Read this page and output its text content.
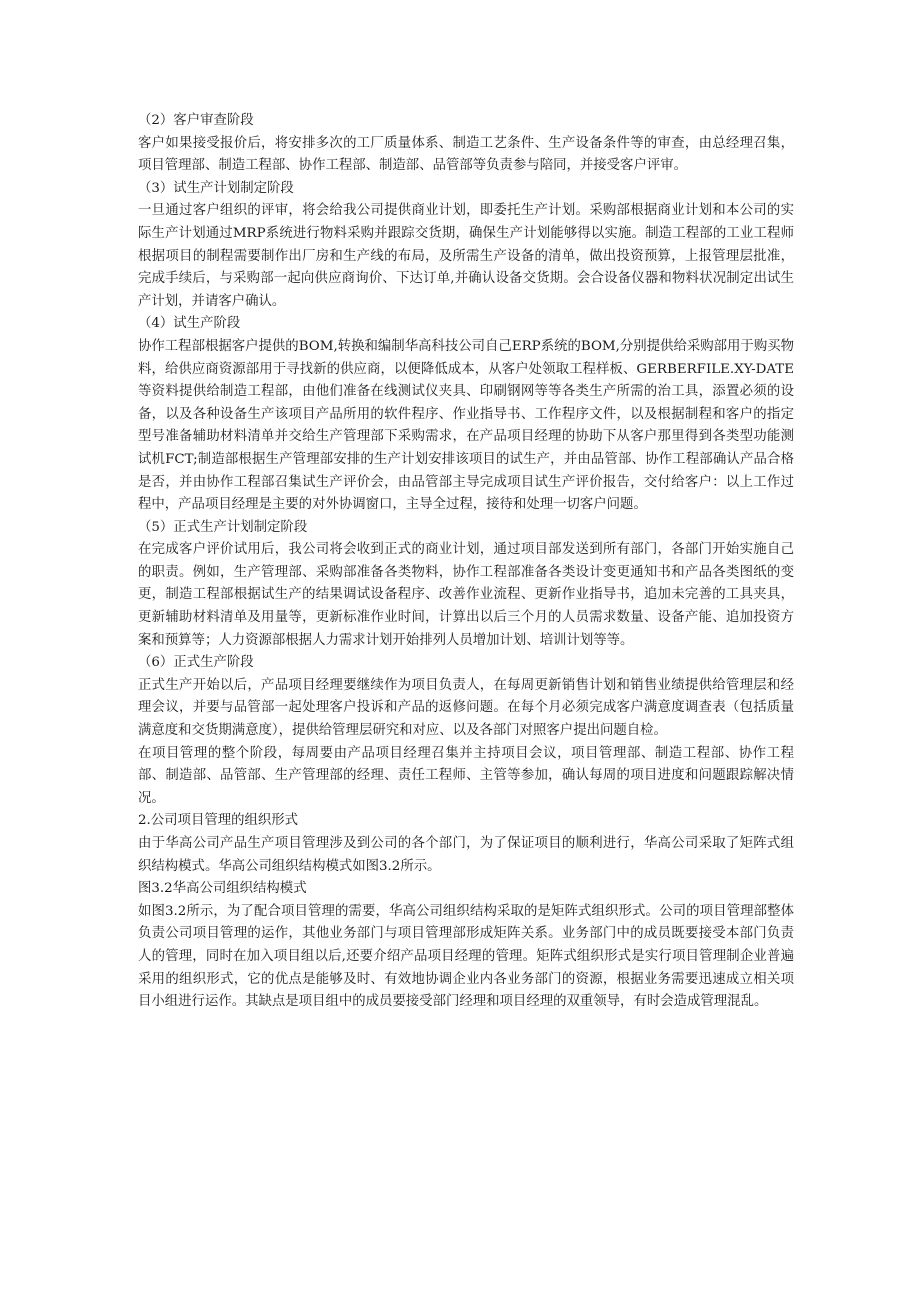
（2）客户审查阶段

客户如果接受报价后，将安排多次的工厂质量体系、制造工艺条件、生产设备条件等的审查，由总经理召集，项目管理部、制造工程部、协作工程部、制造部、品管部等负责参与陪同，并接受客户评审。

（3）试生产计划制定阶段

一旦通过客户组织的评审，将会给我公司提供商业计划，即委托生产计划。采购部根据商业计划和本公司的实际生产计划通过MRP系统进行物料采购并跟踪交货期，确保生产计划能够得以实施。制造工程部的工业工程师根据项目的制程需要制作出厂房和生产线的布局，及所需生产设备的清单，做出投资预算，上报管理层批准，完成手续后，与采购部一起向供应商询价、下达订单,并确认设备交货期。会合设备仪器和物料状况制定出试生产计划，并请客户确认。

（4）试生产阶段

协作工程部根据客户提供的BOM,转换和编制华高科技公司自己ERP系统的BOM,分别提供给采购部用于购买物料，给供应商资源部用于寻找新的供应商，以便降低成本，从客户处领取工程样板、GERBERFILE.XY-DATE等资料提供给制造工程部，由他们准备在线测试仪夹具、印刷钢网等等各类生产所需的治工具，添置必须的设备，以及各种设备生产该项目产品所用的软件程序、作业指导书、工作程序文件，以及根据制程和客户的指定型号准备辅助材料清单并交给生产管理部下采购需求，在产品项目经理的协助下从客户那里得到各类型功能测试机FCT;制造部根据生产管理部安排的生产计划安排该项目的试生产，并由品管部、协作工程部确认产品合格是否，并由协作工程部召集试生产评价会，由品管部主导完成项目试生产评价报告，交付给客户：以上工作过程中，产品项目经理是主要的对外协调窗口，主导全过程，接待和处理一切客户问题。

（5）正式生产计划制定阶段

在完成客户评价试用后，我公司将会收到正式的商业计划，通过项目部发送到所有部门，各部门开始实施自己的职责。例如，生产管理部、采购部准备各类物料，协作工程部准备各类设计变更通知书和产品各类图纸的变更，制造工程部根据试生产的结果调试设备程序、改善作业流程、更新作业指导书，追加未完善的工具夹具，更新辅助材料清单及用量等，更新标准作业时间，计算出以后三个月的人员需求数量、设备产能、追加投资方案和预算等；人力资源部根据人力需求计划开始排列人员增加计划、培训计划等等。

（6）正式生产阶段

正式生产开始以后，产品项目经理要继续作为项目负责人，在每周更新销售计划和销售业绩提供给管理层和经理会议，并要与品管部一起处理客户投诉和产品的返修问题。在每个月必须完成客户满意度调查表（包括质量满意度和交货期满意度），提供给管理层研究和对应、以及各部门对照客户提出问题自检。

在项目管理的整个阶段，每周要由产品项目经理召集并主持项目会议，项目管理部、制造工程部、协作工程部、制造部、品管部、生产管理部的经理、责任工程师、主管等参加，确认每周的项目进度和问题跟踪解决情况。

2.公司项目管理的组织形式

由于华高公司产品生产项目管理涉及到公司的各个部门，为了保证项目的顺利进行，华高公司采取了矩阵式组织结构模式。华高公司组织结构模式如图3.2所示。

图3.2华高公司组织结构模式

如图3.2所示，为了配合项目管理的需要，华高公司组织结构采取的是矩阵式组织形式。公司的项目管理部整体负责公司项目管理的运作，其他业务部门与项目管理部形成矩阵关系。业务部门中的成员既要接受本部门负责人的管理，同时在加入项目组以后,还要介绍产品项目经理的管理。矩阵式组织形式是实行项目管理制企业普遍采用的组织形式，它的优点是能够及时、有效地协调企业内各业务部门的资源，根据业务需要迅速成立相关项目小组进行运作。其缺点是项目组中的成员要接受部门经理和项目经理的双重领导，有时会造成管理混乱。
